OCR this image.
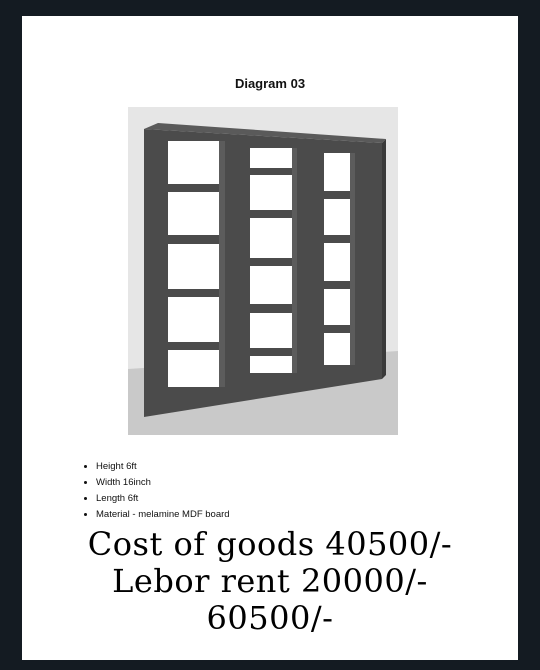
Diagram 03
• Height 6ft
• Width 16inch
• Length 6ft
• Material - melamine MDF board
Cost of goods 40500/-
Lebor rent 20000/-
60500/-
